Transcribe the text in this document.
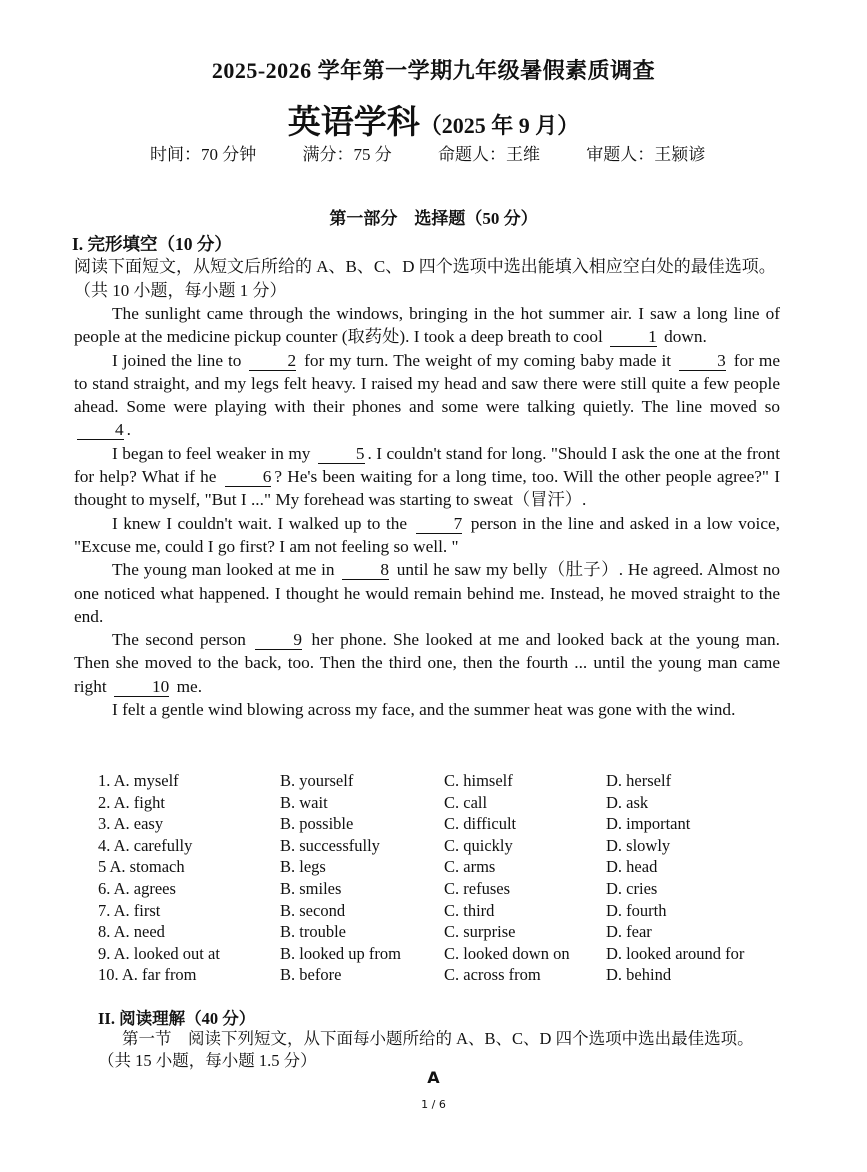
2025-2026 学年第一学期九年级暑假素质调查
英语学科（2025 年 9 月）
时间：70 分钟	满分：75 分	命题人：王维	审题人：王颍谚
第一部分　选择题（50 分）
I. 完形填空（10 分）
阅读下面短文，从短文后所给的 A、B、C、D 四个选项中选出能填入相应空白处的最佳选项。（共 10 小题，每小题 1 分）

The sunlight came through the windows, bringing in the hot summer air. I saw a long line of people at the medicine pickup counter (取药处). I took a deep breath to cool	1 down.

I joined the line to	2 for my turn. The weight of my coming baby made it	3 for me to stand straight, and my legs felt heavy. I raised my head and saw there were still quite a few people ahead. Some were playing with their phones and some were talking quietly. The line moved so 4 .

I began to feel weaker in my	5 . I couldn't stand for long. "Should I ask the one at the front for help? What if he	6 ? He's been waiting for a long time, too. Will the other people agree?" I thought to myself, "But I ..." My forehead was starting to sweat（冒汗）.

I knew I couldn't wait. I walked up to the	7 person in the line and asked in a low voice, "Excuse me, could I go first? I am not feeling so well. "

The young man looked at me in	8 until he saw my belly（肚子）. He agreed. Almost no one noticed what happened. I thought he would remain behind me. Instead, he moved straight to the end.

The second person	9 her phone. She looked at me and looked back at the young man. Then she moved to the back, too. Then the third one, then the fourth ... until the young man came right	10 me.

I felt a gentle wind blowing across my face, and the summer heat was gone with the wind.

1. A. myself	B. yourself	C. himself	D. herself
2. A. fight	B. wait	C. call	D. ask
3. A. easy	B. possible	C. difficult	D. important
4. A. carefully	B. successfully	C. quickly	D. slowly
5 A. stomach	B. legs	C. arms	D. head
6. A. agrees	B. smiles	C. refuses	D. cries
7. A. first	B. second	C. third	D. fourth
8. A. need	B. trouble	C. surprise	D. fear
9. A. looked out at	B. looked up from	C. looked down on D. looked around for
10. A. far from	B. before	C. across from	D. behind
II. 阅读理解（40 分）
第一节　阅读下列短文，从下面每小题所给的 A、B、C、D 四个选项中选出最佳选项。（共 15 小题，每小题 1.5 分）
A
1 / 6
